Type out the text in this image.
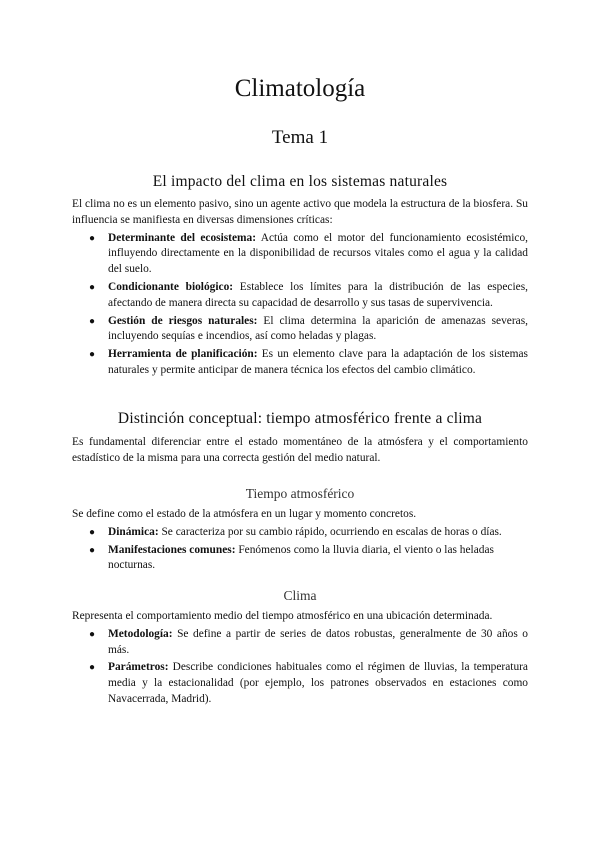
Climatología
Tema 1
El impacto del clima en los sistemas naturales

El clima no es un elemento pasivo, sino un agente activo que modela la estructura de la biosfera. Su influencia se manifiesta en diversas dimensiones críticas:

● Determinante del ecosistema: Actúa como el motor del funcionamiento ecosistémico, influyendo directamente en la disponibilidad de recursos vitales como el agua y la calidad del suelo.
● Condicionante biológico: Establece los límites para la distribución de las especies, afectando de manera directa su capacidad de desarrollo y sus tasas de supervivencia.
● Gestión de riesgos naturales: El clima determina la aparición de amenazas severas, incluyendo sequías e incendios, así como heladas y plagas.
● Herramienta de planificación: Es un elemento clave para la adaptación de los sistemas naturales y permite anticipar de manera técnica los efectos del cambio climático.
Distinción conceptual: tiempo atmosférico frente a clima

Es fundamental diferenciar entre el estado momentáneo de la atmósfera y el comportamiento estadístico de la misma para una correcta gestión del medio natural.

Tiempo atmosférico

Se define como el estado de la atmósfera en un lugar y momento concretos.

● Dinámica: Se caracteriza por su cambio rápido, ocurriendo en escalas de horas o días.
● Manifestaciones comunes: Fenómenos como la lluvia diaria, el viento o las heladas nocturnas.
Clima

Representa el comportamiento medio del tiempo atmosférico en una ubicación determinada.

● Metodología: Se define a partir de series de datos robustas, generalmente de 30 años o más.
● Parámetros: Describe condiciones habituales como el régimen de lluvias, la temperatura media y la estacionalidad (por ejemplo, los patrones observados en estaciones como Navacerrada, Madrid).
